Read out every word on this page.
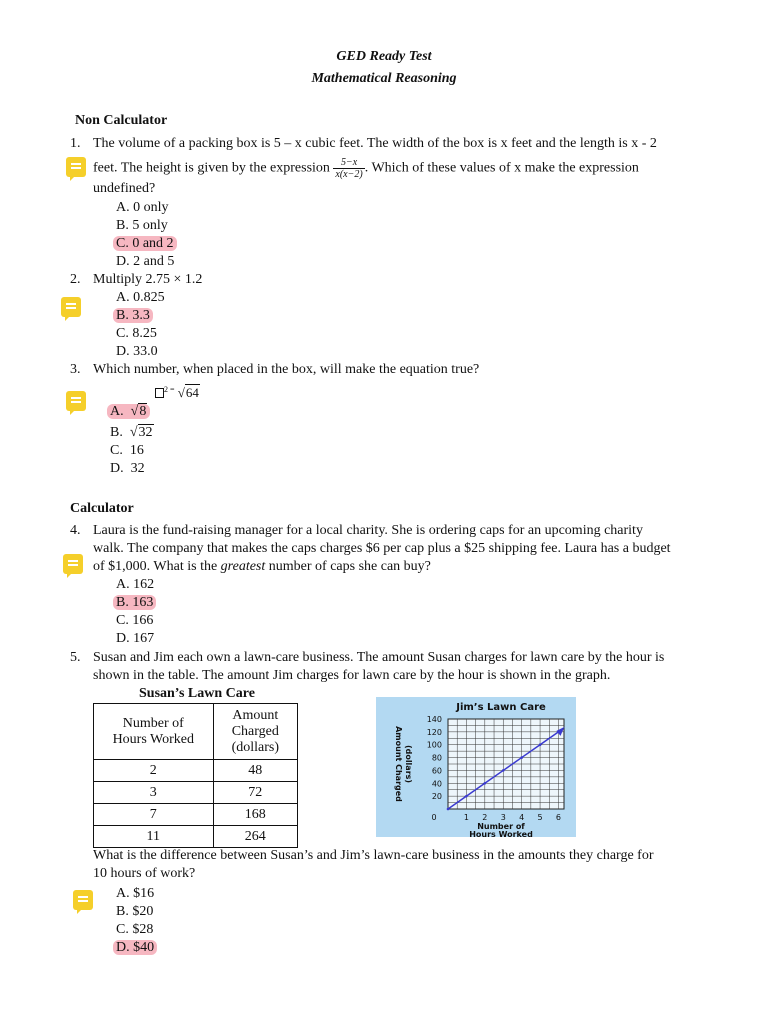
GED Ready Test
Mathematical Reasoning
Non Calculator
1. The volume of a packing box is 5 – x cubic feet. The width of the box is x feet and the length is x - 2
feet. The height is given by the expression $\frac{5-x}{x(x-2)}$ . Which of these values of x make the expression
undefined?
A. 0 only
B. 5 only
C. 0 and 2
D. 2 and 5
2. Multiply 2.75 × 1.2
A. 0.825
B. 3.3
C. 8.25
D. 33.0
3. Which number, when placed in the box, will make the equation true?
$^{2 =}$ √64
A. √8
B. √32
C. 16
D. 32
Calculator
4. Laura is the fund-raising manager for a local charity. She is ordering caps for an upcoming charity
walk. The company that makes the caps charges $6 per cap plus a $25 shipping fee. Laura has a budget
of $1,000. What is the greatest number of caps she can buy?
A. 162
B. 163
C. 166
D. 167
5. Susan and Jim each own a lawn-care business. The amount Susan charges for lawn care by the hour is
shown in the table. The amount Jim charges for lawn care by the hour is shown in the graph.
Susan’s Lawn Care
Number of Hours Worked	Amount Charged (dollars)
2	48
3	72
7	168
11	264
Jim’s Lawn Care
20
40
60
80
100
120
140
0	1 2 3 4 5 6
Number of
Hours Worked
Amount Charged (dollars)
What is the difference between Susan’s and Jim’s lawn-care business in the amounts they charge for
10 hours of work?
A. $16
B. $20
C. $28
D. $40
